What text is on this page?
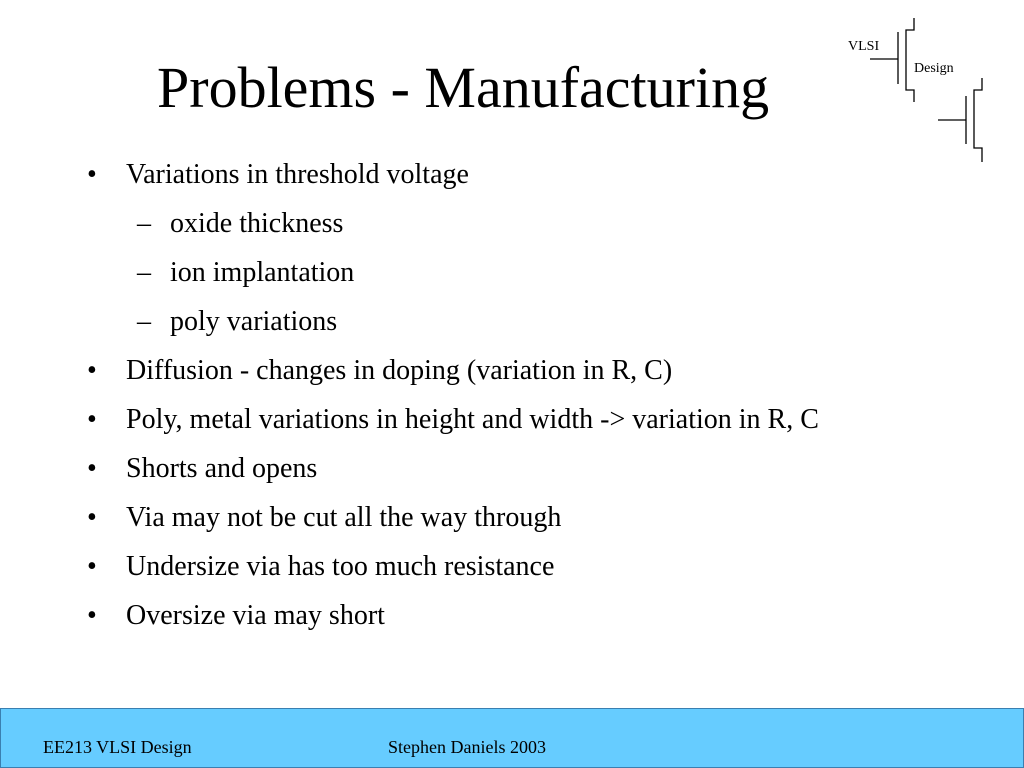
Problems - Manufacturing
VLSI
Design
• Variations in threshold voltage
– oxide thickness
– ion implantation
– poly variations
• Diffusion - changes in doping (variation in R, C)
• Poly, metal variations in height and width -> variation in R, C
• Shorts and opens
• Via may not be cut all the way through
• Undersize via has too much resistance
• Oversize via may short
EE213 VLSI Design	Stephen Daniels 2003
